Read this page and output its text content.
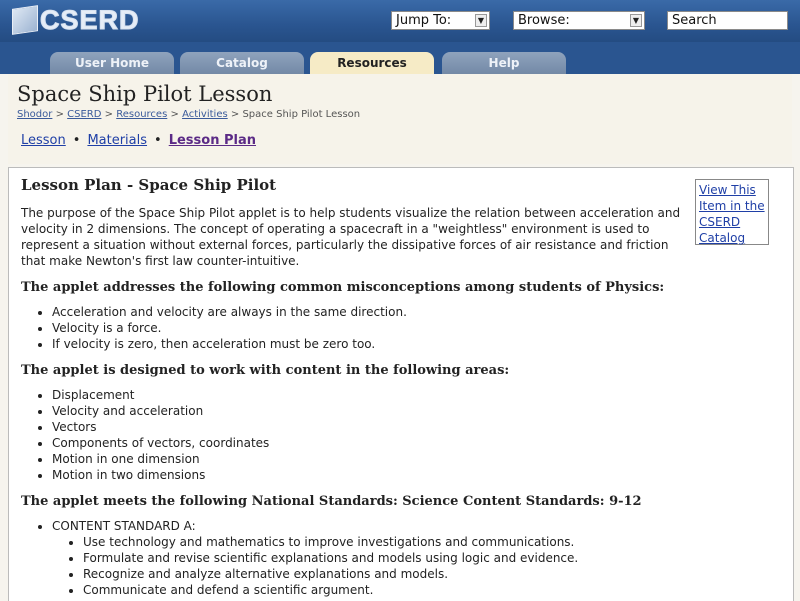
CSERD	Jump To:	▼	Browse:	▼	Search
User Home	Catalog	Resources	Help
Space Ship Pilot Lesson
Shodor > CSERD > Resources > Activities > Space Ship Pilot Lesson
Lesson • Materials • Lesson Plan
Lesson Plan - Space Ship Pilot

The purpose of the Space Ship Pilot applet is to help students visualize the relation between acceleration and velocity in 2 dimensions. The concept of operating a spacecraft in a "weightless" environment is used to represent a situation without external forces, particularly the dissipative forces of air resistance and friction that make Newton's first law counter-intuitive.

The applet addresses the following common misconceptions among students of Physics:
• Acceleration and velocity are always in the same direction.
• Velocity is a force.
• If velocity is zero, then acceleration must be zero too.
The applet is designed to work with content in the following areas:
• Displacement
• Velocity and acceleration
• Vectors
• Components of vectors, coordinates
• Motion in one dimension
• Motion in two dimensions
The applet meets the following National Standards: Science Content Standards: 9-12
• CONTENT STANDARD A:
• Use technology and mathematics to improve investigations and communications.
• Formulate and revise scientific explanations and models using logic and evidence.
• Recognize and analyze alternative explanations and models.
• Communicate and defend a scientific argument.
View This Item in the CSERD Catalog
